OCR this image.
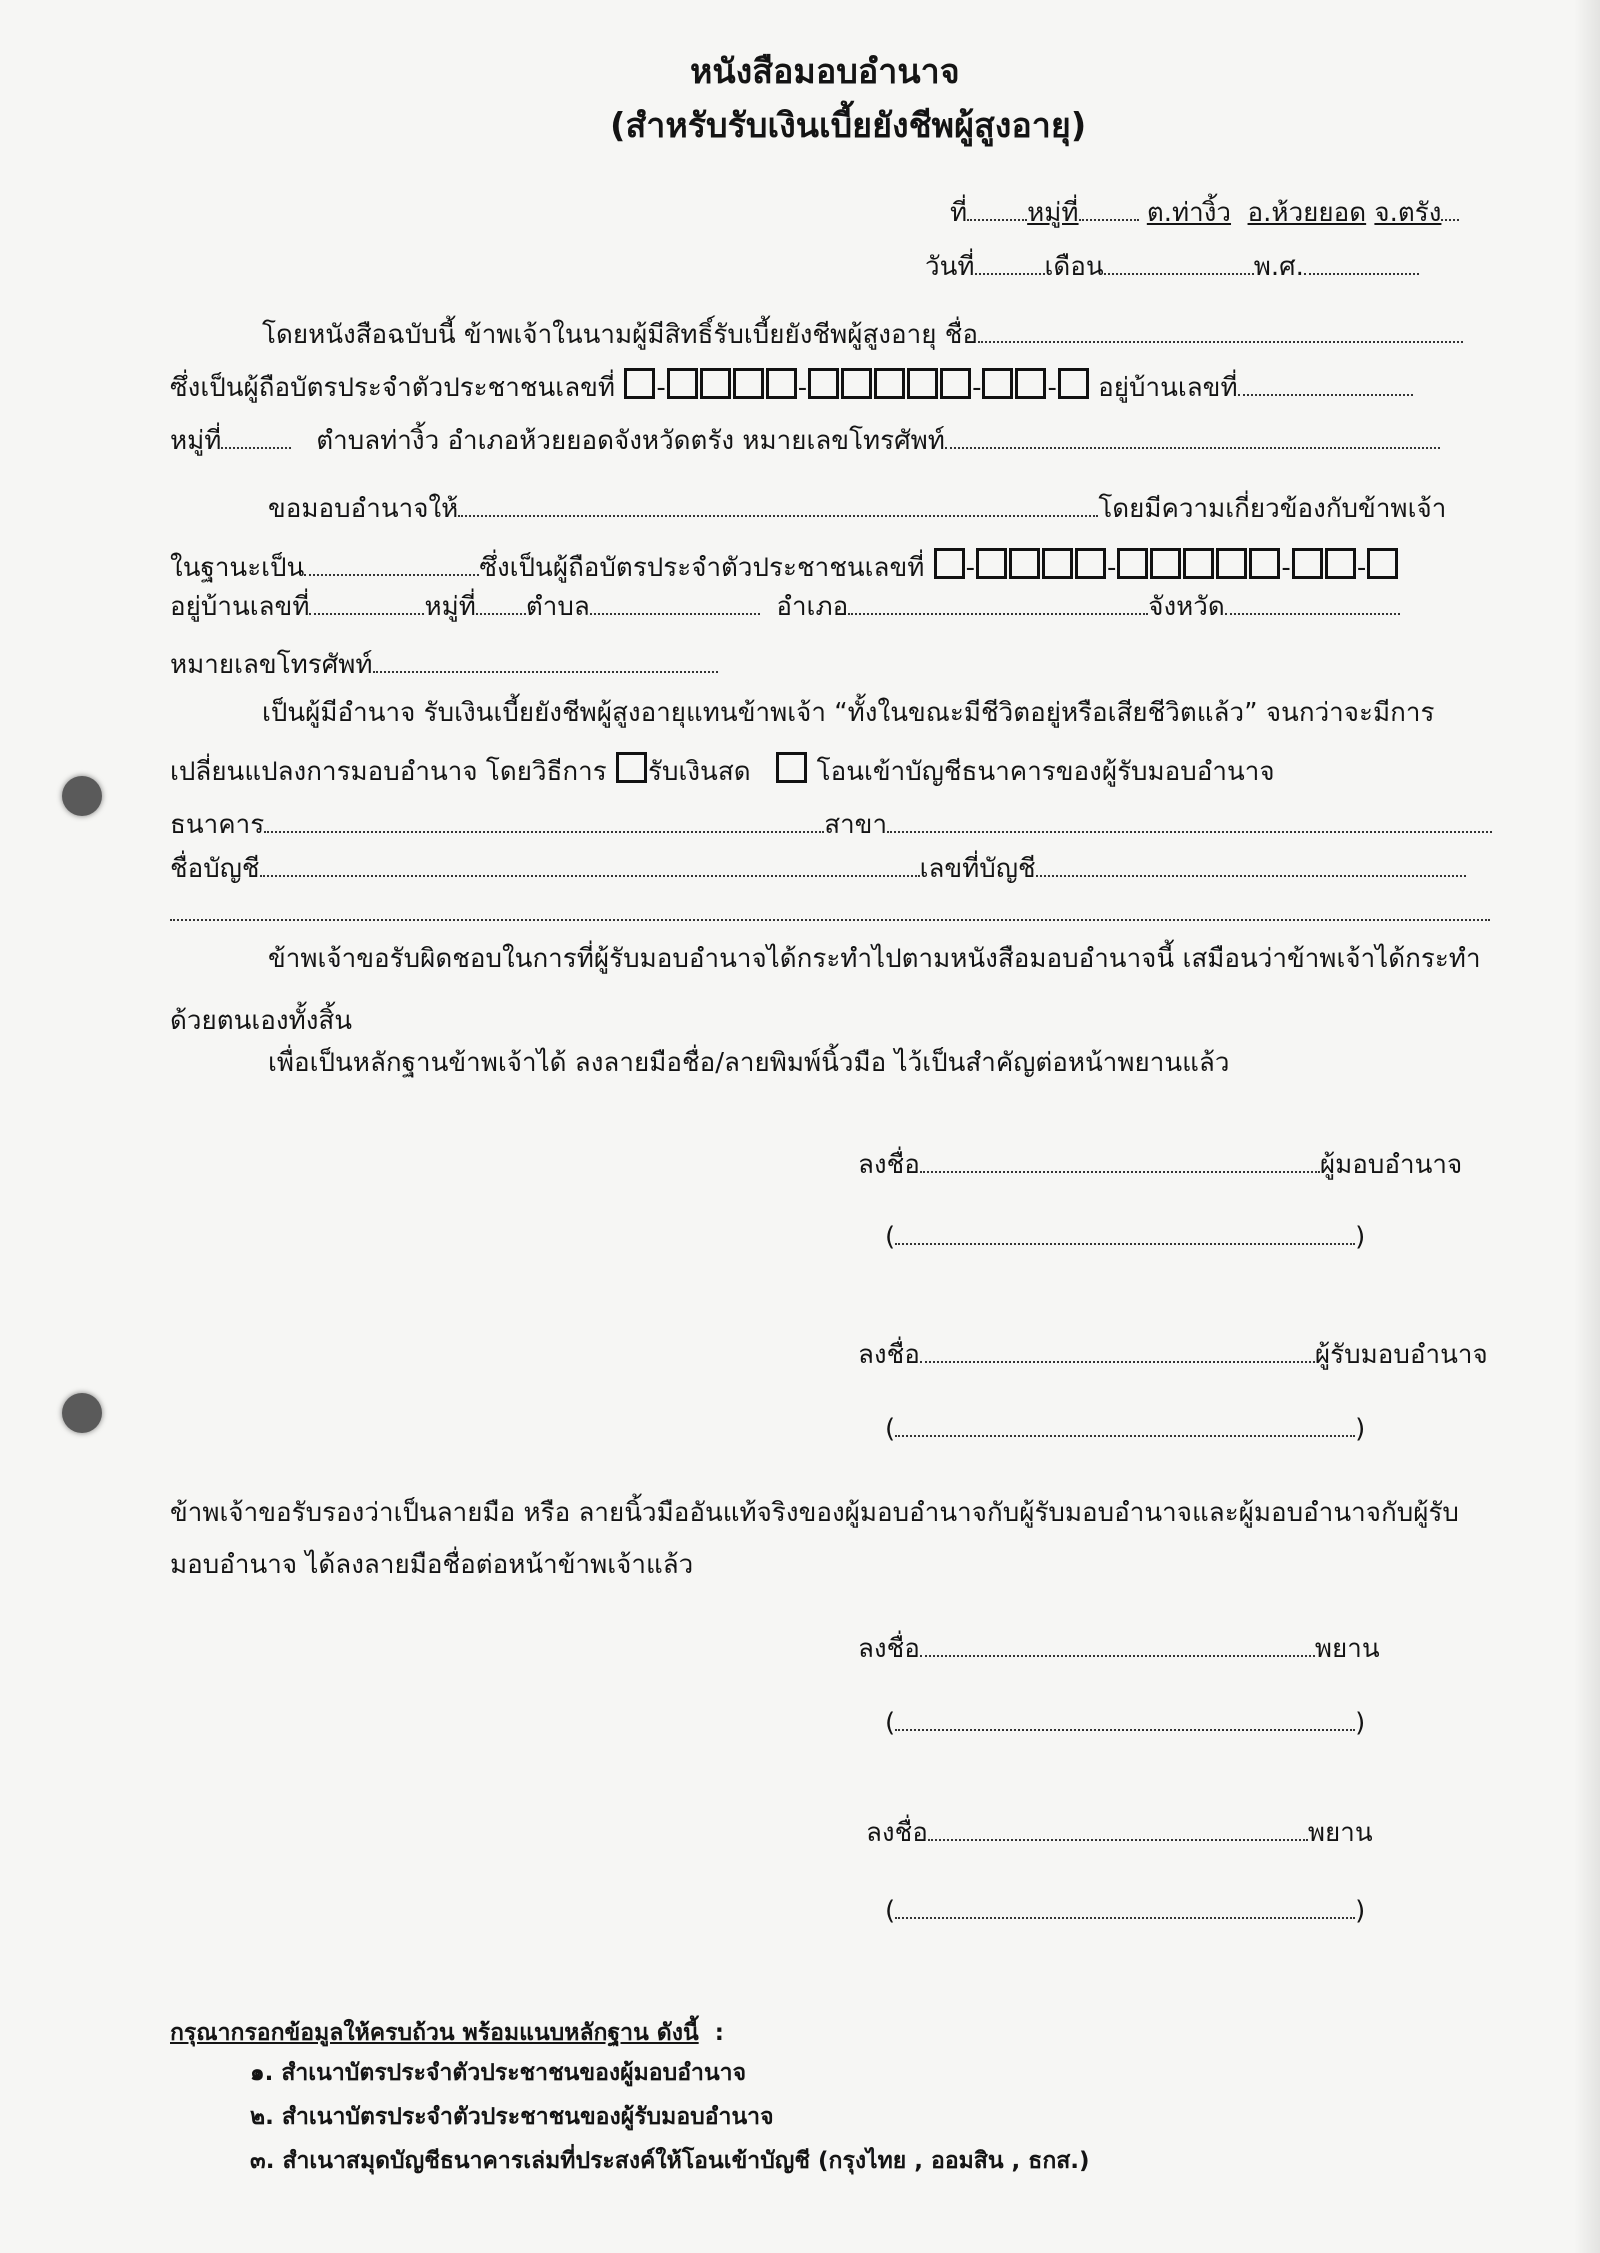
หนังสือมอบอำนาจ
(สำหรับรับเงินเบี้ยยังชีพผู้สูงอายุ)
ที่ หมู่ที่	ต.ท่างิ้ว อ.ห้วยยอด จ.ตรัง
วันที่	เดือน	พ.ศ.
โดยหนังสือฉบับนี้ ข้าพเจ้าในนามผู้มีสิทธิ์รับเบี้ยยังชีพผู้สูงอายุ ชื่อ
ซึ่งเป็นผู้ถือบัตรประจำตัวประชาชนเลขที่ -	-	-	- อยู่บ้านเลขที่
หมู่ที่	ตำบลท่างิ้ว อำเภอห้วยยอดจังหวัดตรัง หมายเลขโทรศัพท์
ขอมอบอำนาจให้	โดยมีความเกี่ยวข้องกับข้าพเจ้า
ในฐานะเป็น	ซึ่งเป็นผู้ถือบัตรประจำตัวประชาชนเลขที่ -	-	-	-
อยู่บ้านเลขที่	หมู่ที่ ตำบล	อำเภอ	จังหวัด
หมายเลขโทรศัพท์
เป็นผู้มีอำนาจ รับเงินเบี้ยยังชีพผู้สูงอายุแทนข้าพเจ้า “ทั้งในขณะมีชีวิตอยู่หรือเสียชีวิตแล้ว” จนกว่าจะมีการ
เปลี่ยนแปลงการมอบอำนาจ โดยวิธีการ รับเงินสด	โอนเข้าบัญชีธนาคารของผู้รับมอบอำนาจ
ธนาคาร	สาขา
ชื่อบัญชี	เลขที่บัญชี
ข้าพเจ้าขอรับผิดชอบในการที่ผู้รับมอบอำนาจได้กระทำไปตามหนังสือมอบอำนาจนี้ เสมือนว่าข้าพเจ้าได้กระทำ
ด้วยตนเองทั้งสิ้น
เพื่อเป็นหลักฐานข้าพเจ้าได้ ลงลายมือชื่อ/ลายพิมพ์นิ้วมือ ไว้เป็นสำคัญต่อหน้าพยานแล้ว
ลงชื่อ	ผู้มอบอำนาจ
(	)
ลงชื่อ	ผู้รับมอบอำนาจ
(	)
ข้าพเจ้าขอรับรองว่าเป็นลายมือ หรือ ลายนิ้วมืออันแท้จริงของผู้มอบอำนาจกับผู้รับมอบอำนาจและผู้มอบอำนาจกับผู้รับ
มอบอำนาจ ได้ลงลายมือชื่อต่อหน้าข้าพเจ้าแล้ว
ลงชื่อ	พยาน
(	)
ลงชื่อ	พยาน
(	)
กรุณากรอกข้อมูลให้ครบถ้วน พร้อมแนบหลักฐาน ดังนี้ :
๑. สำเนาบัตรประจำตัวประชาชนของผู้มอบอำนาจ
๒. สำเนาบัตรประจำตัวประชาชนของผู้รับมอบอำนาจ
๓. สำเนาสมุดบัญชีธนาคารเล่มที่ประสงค์ให้โอนเข้าบัญชี (กรุงไทย , ออมสิน , ธกส.)
